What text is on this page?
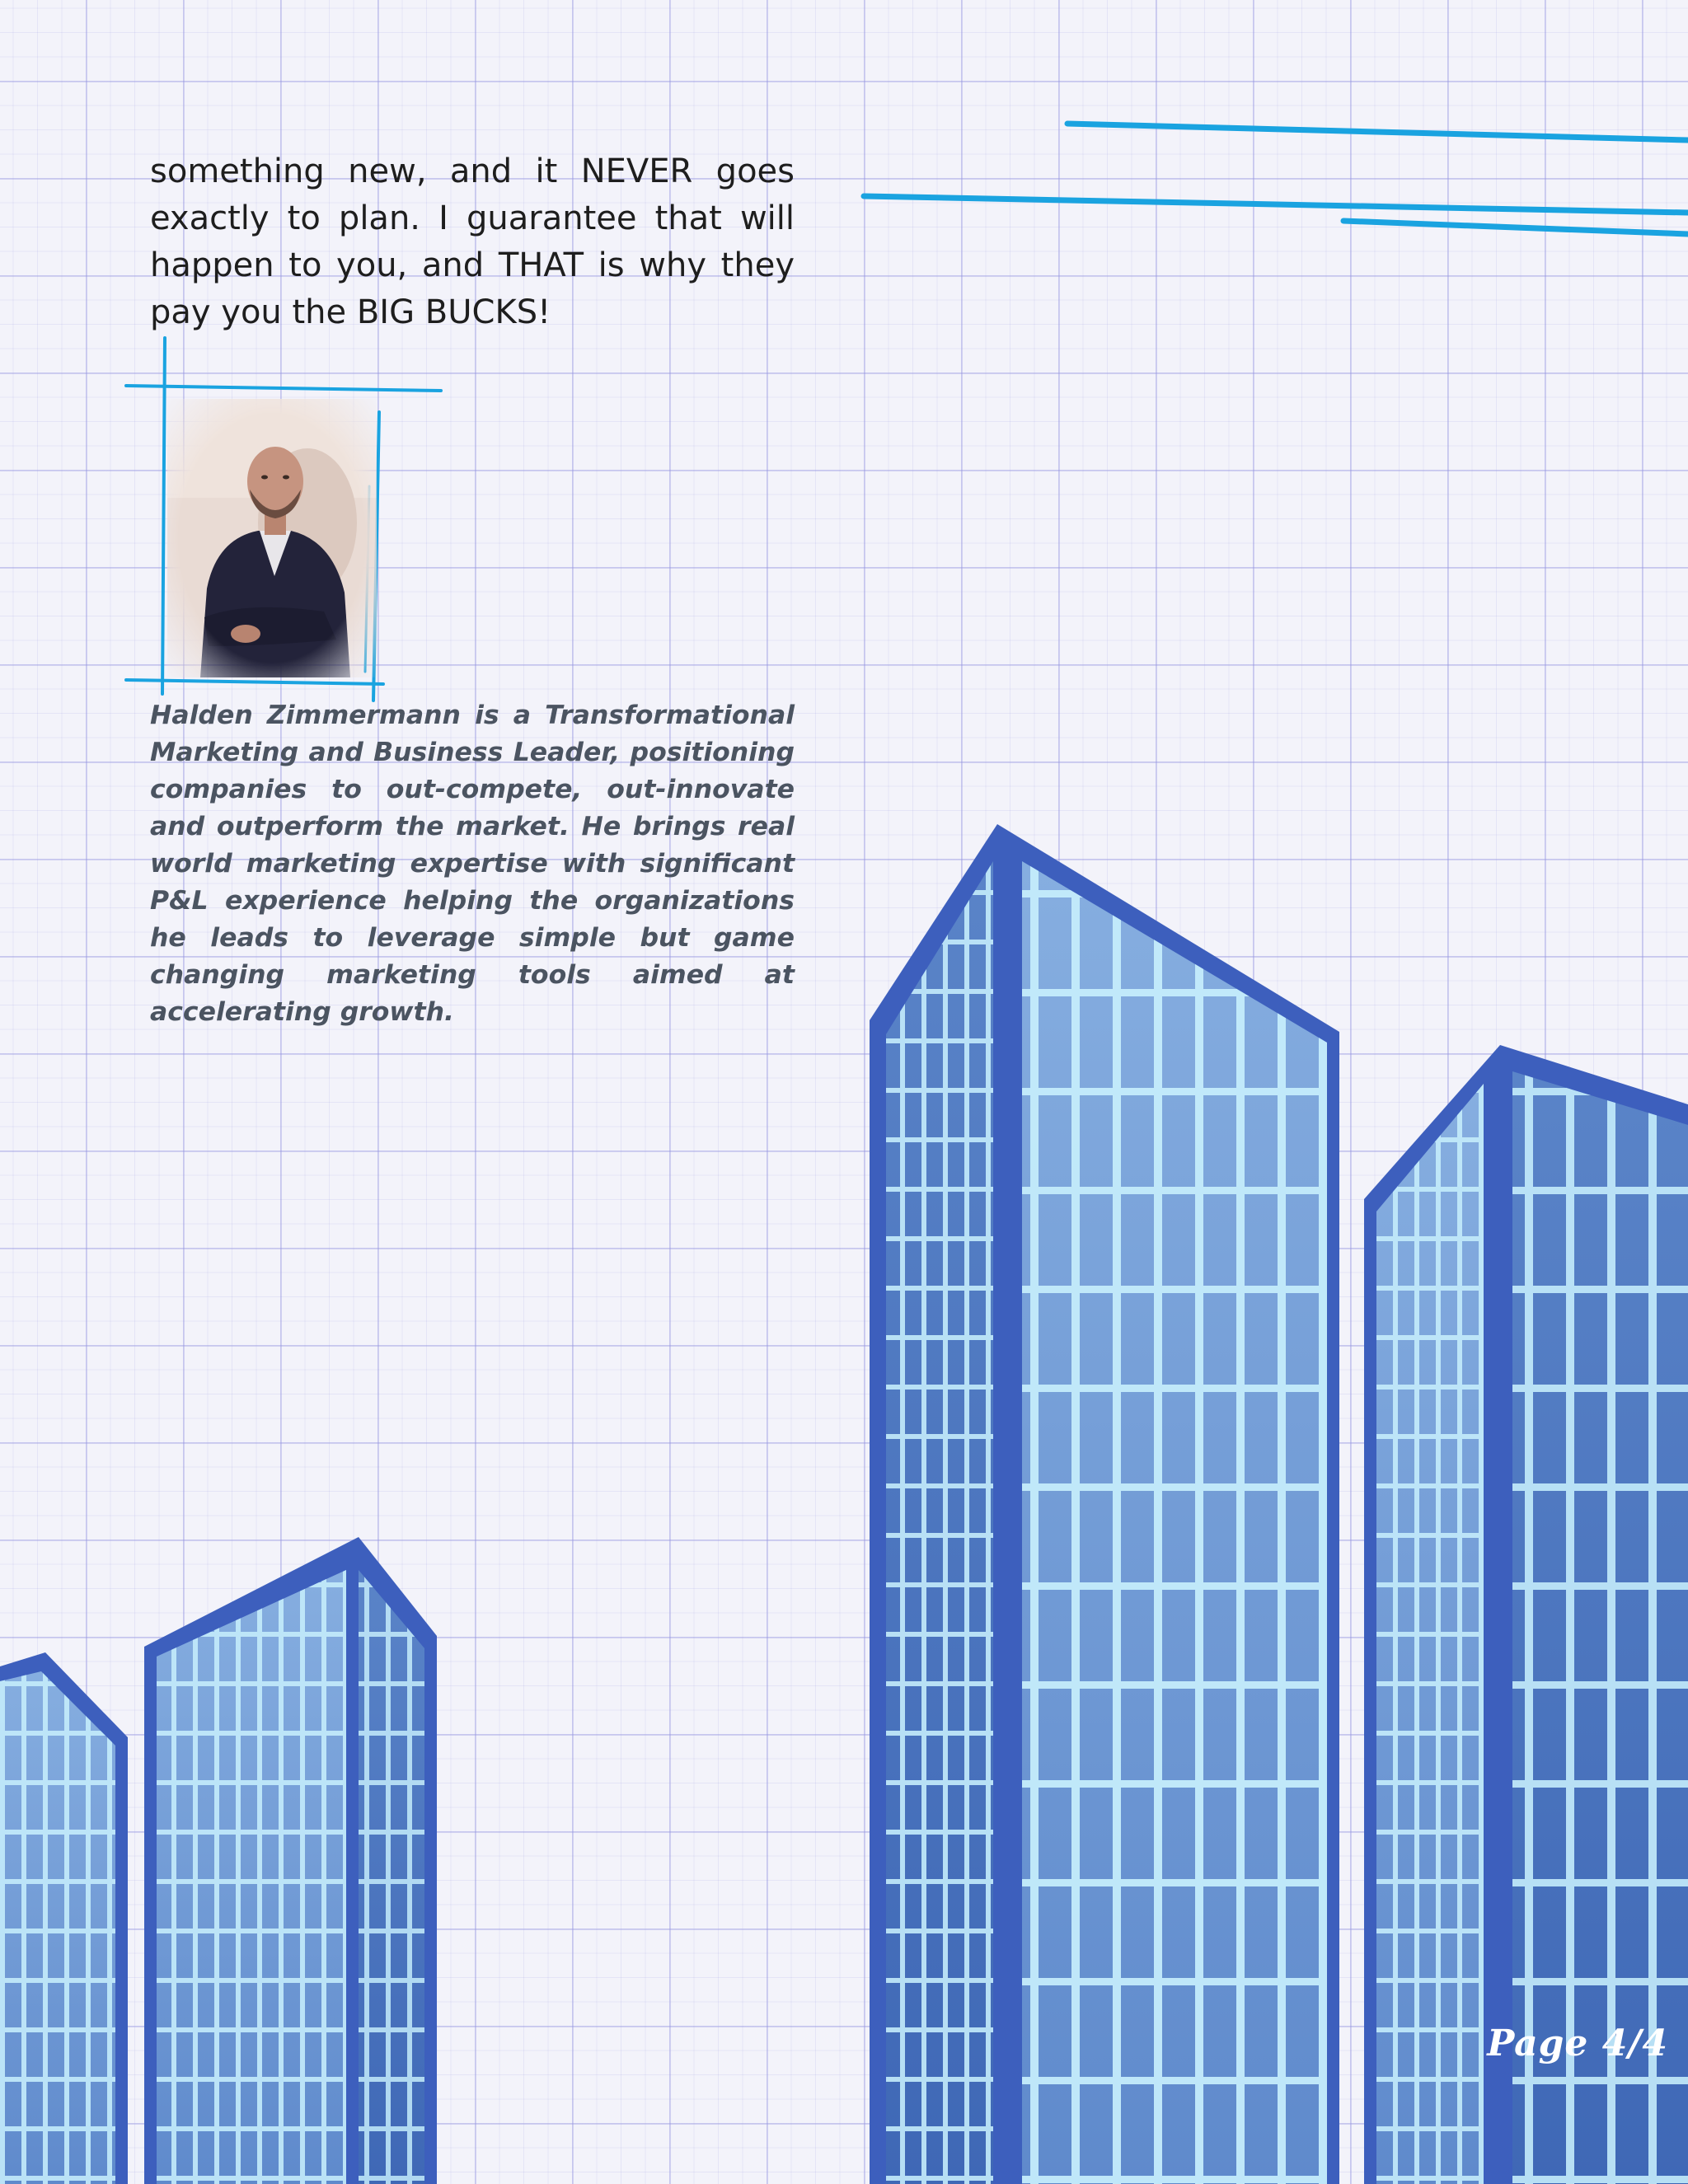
something new, and it NEVER goes exactly to plan. I guarantee that will happen to you, and THAT is why they pay you the BIG BUCKS!

Halden Zimmermann is a Transformational Marketing and Business Leader, positioning companies to out-compete, out-innovate and outperform the market. He brings real world marketing expertise with significant P&L experience helping the organizations he leads to leverage simple but game changing marketing tools aimed at accelerating growth.

Page 4/4
